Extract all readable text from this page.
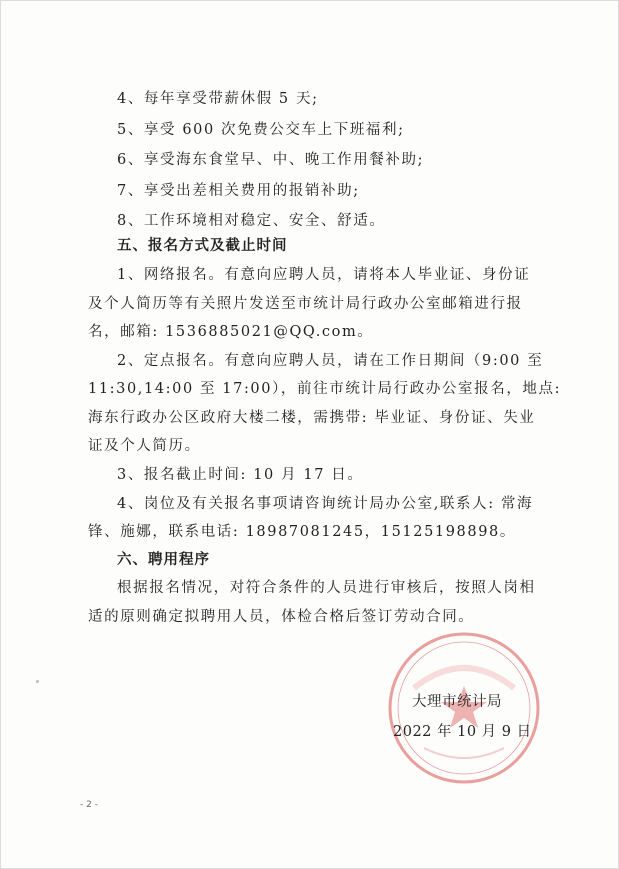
4、每年享受带薪休假 5 天;
5、享受 600 次免费公交车上下班福利;
6、享受海东食堂早、中、晚工作用餐补助;
7、享受出差相关费用的报销补助;
8、工作环境相对稳定、安全、舒适。
五、报名方式及截止时间
1、网络报名。有意向应聘人员，请将本人毕业证、身份证
及个人简历等有关照片发送至市统计局行政办公室邮箱进行报
名，邮箱: 1536885021@QQ.com。
2、定点报名。有意向应聘人员，请在工作日期间（9:00 至
11:30,14:00 至 17:00），前往市统计局行政办公室报名，地点:
海东行政办公区政府大楼二楼，需携带: 毕业证、身份证、失业
证及个人简历。
3、报名截止时间: 10 月 17 日。
4、岗位及有关报名事项请咨询统计局办公室,联系人: 常海
锋、施娜，联系电话: 18987081245，15125198898。
六、聘用程序
根据报名情况，对符合条件的人员进行审核后，按照人岗相
适的原则确定拟聘用人员，体检合格后签订劳动合同。
大理市统计局
2022 年 10 月 9 日
- 2 -
